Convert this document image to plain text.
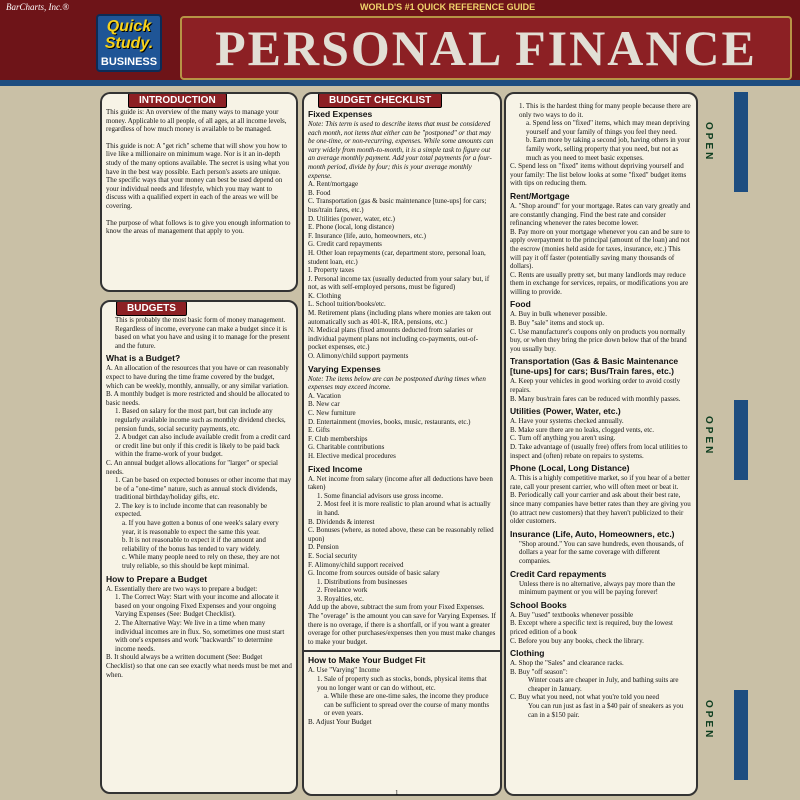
BarCharts, Inc.®	WORLD'S #1 QUICK REFERENCE GUIDE
Quick
Study.
BUSINESS	PERSONAL FINANCE
INTRODUCTION
This guide is: An overview of the many ways to manage your money. Applicable to all people, of all ages, at all income levels, regardless of how much money is available to be managed.
This guide is not: A "get rich" scheme that will show you how to live like a millionaire on minimum wage. Nor is it an in-depth study of the many options available. The secret is using what you have in the best way possible. Each person's assets are unique. The specific ways that your money can best be used depend on your individual needs and lifestyle, which you may want to discuss with a qualified expert in each of the areas we will be covering.
The purpose of what follows is to give you enough information to know the areas of management that apply to you.
BUDGETS
This is probably the most basic form of money management.
Regardless of income, everyone can make a budget since it is based on what you have and using it to manage for the present and the future.
What is a Budget?
A. An allocation of the resources that you have or can reasonably expect to have during the time frame covered by the budget, which can be weekly, monthly, annually, or any similar variation.
B. A monthly budget is more restricted and should be allocated to basic needs.
1. Based on salary for the most part, but can include any regularly available income such as monthly dividend checks, pension funds, social security payments, etc.
2. A budget can also include available credit from a credit card or credit line but only if this credit is likely to be paid back within the frame-work of your budget.
C. An annual budget allows allocations for "larger" or special needs.
1. Can be based on expected bonuses or other income that may be of a "one-time" nature, such as annual stock dividends, traditional birthday/holiday gifts, etc.
2. The key is to include income that can reasonably be expected.
a. If you have gotten a bonus of one week's salary every year, it is reasonable to expect the same this year.
b. It is not reasonable to expect it if the amount and reliability of the bonus has tended to vary widely.
c. While many people need to rely on these, they are not truly reliable, so this should be kept minimal.
How to Prepare a Budget
A. Essentially there are two ways to prepare a budget:
1. The Correct Way: Start with your income and allocate it based on your ongoing Fixed Expenses and your ongoing Varying Expenses (See: Budget Checklist).
2. The Alternative Way: We live in a time when many individual incomes are in flux. So, sometimes one must start with one's expenses and work "backwards" to determine income needs.
B. It should always be a written document (See: Budget Checklist) so that one can see exactly what needs must be met and when.
BUDGET CHECKLIST
Fixed Expenses
Note: This term is used to describe items that must be considered each month, not items that either can be "postponed" or that may be one-time, or non-recurring, expenses. While some amounts can vary widely from month-to-month, it is a simple task to figure out an average monthly payment. Add your total payments for a four-month period, divide by four; this is your average monthly expense.
A. Rent/mortgage
B. Food
C. Transportation (gas & basic maintenance [tune-ups] for cars; bus/train fares, etc.)
D. Utilities (power, water, etc.)
E. Phone (local, long distance)
F. Insurance (life, auto, homeowners, etc.)
G. Credit card repayments
H. Other loan repayments (car, department store, personal loan, student loan, etc.)
I. Property taxes
J. Personal income tax (usually deducted from your salary but, if not, as with self-employed persons, must be figured)
K. Clothing
L. School tuition/books/etc.
M. Retirement plans (including plans where monies are taken out automatically such as 401-K, IRA, pensions, etc.)
N. Medical plans (fixed amounts deducted from salaries or individual payment plans not including co-payments, out-of-pocket expenses, etc.)
O. Alimony/child support payments
Varying Expenses
Note: The items below are can be postponed during times when expenses may exceed income.
A. Vacation
B. New car
C. New furniture
D. Entertainment (movies, books, music, restaurants, etc.)
E. Gifts
F. Club memberships
G. Charitable contributions
H. Elective medical procedures
Fixed Income
A. Net income from salary (income after all deductions have been taken)
1. Some financial advisors use gross income.
2. Most feel it is more realistic to plan around what is actually in hand.
B. Dividends & interest
C. Bonuses (where, as noted above, these can be reasonably relied upon)
D. Pension
E. Social security
F. Alimony/child support received
G. Income from sources outside of basic salary
1. Distributions from businesses
2. Freelance work
3. Royalties, etc.
Add up the above, subtract the sum from your Fixed Expenses. The "overage" is the amount you can save for Varying Expenses. If there is no overage, if there is a shortfall, or if you want a greater overage for other purchases/expenses then you must make changes to make your budget.
How to Make Your Budget Fit
A. Use "Varying" Income
1. Sale of property such as stocks, bonds, physical items that you no longer want or can do without, etc.
a. While these are one-time sales, the income they produce can be sufficient to spread over the course of many months or even years.
B. Adjust Your Budget
1. This is the hardest thing for many people because there are only two ways to do it.
a. Spend less on "fixed" items, which may mean depriving yourself and your family of things you feel they need.
b. Earn more by taking a second job, having others in your family work, selling property that you need, but not as much as you need to meet basic expenses.
C. Spend less on "fixed" items without depriving yourself and your family: The list below looks at some "fixed" budget items with tips on reducing them.
Rent/Mortgage
A. "Shop around" for your mortgage. Rates can vary greatly and are constantly changing. Find the best rate and consider refinancing whenever the rates become lower.
B. Pay more on your mortgage whenever you can and be sure to apply overpayment to the principal (amount of the loan) and not the escrow (monies held aside for taxes, insurance, etc.) This will pay it off faster (potentially saving many thousands of dollars).
C. Rents are usually pretty set, but many landlords may reduce them in exchange for services, repairs, or modifications you are willing to provide.
Food
A. Buy in bulk whenever possible.
B. Buy "sale" items and stock up.
C. Use manufacturer's coupons only on products you normally buy, or when they bring the price down below that of the brand you usually buy.
Transportation (Gas & Basic Maintenance [tune-ups] for cars; Bus/Train fares, etc.)
A. Keep your vehicles in good working order to avoid costly repairs.
B. Many bus/train fares can be reduced with monthly passes.
Utilities (Power, Water, etc.)
A. Have your systems checked annually.
B. Make sure there are no leaks, clogged vents, etc.
C. Turn off anything you aren't using.
D. Take advantage of (usually free) offers from local utilities to inspect and (often) rebate on repairs to systems.
Phone (Local, Long Distance)
A. This is a highly competitive market, so if you hear of a better rate, call your present carrier, who will often meet or beat it.
B. Periodically call your carrier and ask about their best rate, since many companies have better rates than they are giving you (to attract new customers) that they haven't publicized to their older customers.
Insurance (Life, Auto, Homeowners, etc.)
"Shop around." You can save hundreds, even thousands, of dollars a year for the same coverage with different companies.
Credit Card repayments
Unless there is no alternative, always pay more than the minimum payment or you will be paying forever!
School Books
A. Buy "used" textbooks whenever possible
B. Except where a specific text is required, buy the lowest priced edition of a book
C. Before you buy any books, check the library.
Clothing
A. Shop the "Sales" and clearance racks.
B. Buy "off season":
Winter coats are cheaper in July, and bathing suits are cheaper in January.
C. Buy what you need, not what you're told you need
You can run just as fast in a $40 pair of sneakers as you can in a $150 pair.
OPEN
OPEN
OPEN
1
